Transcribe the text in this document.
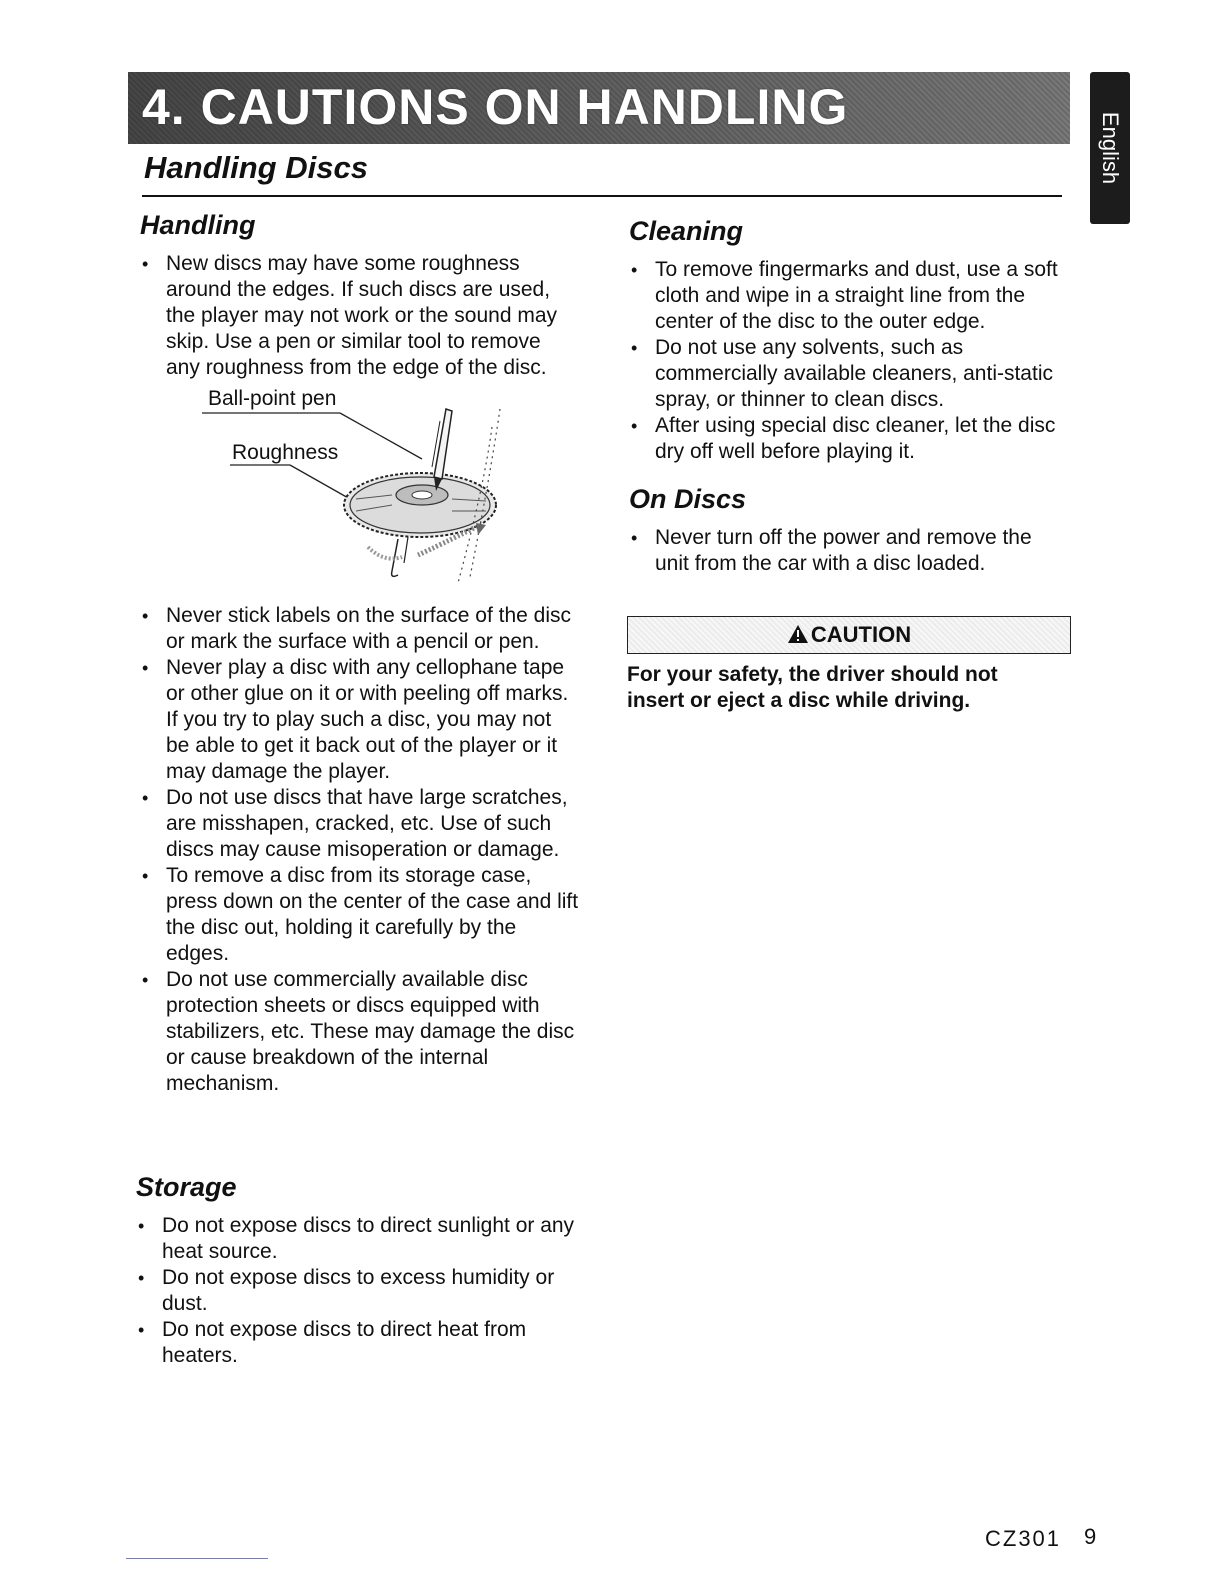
4. CAUTIONS ON HANDLING
English
Handling Discs
Handling
• New discs may have some roughness around the edges. If such discs are used, the player may not work or the sound may skip. Use a pen or similar tool to remove any roughness from the edge of the disc.
Ball-point pen
Roughness
• Never stick labels on the surface of the disc or mark the surface with a pencil or pen.
• Never play a disc with any cellophane tape or other glue on it or with peeling off marks. If you try to play such a disc, you may not be able to get it back out of the player or it may damage the player.
• Do not use discs that have large scratches, are misshapen, cracked, etc. Use of such discs may cause misoperation or damage.
• To remove a disc from its storage case, press down on the center of the case and lift the disc out, holding it carefully by the edges.
• Do not use commercially available disc protection sheets or discs equipped with stabilizers, etc. These may damage the disc or cause breakdown of the internal mechanism.
Storage
• Do not expose discs to direct sunlight or any heat source.
• Do not expose discs to excess humidity or dust.
• Do not expose discs to direct heat from heaters.
Cleaning
• To remove fingermarks and dust, use a soft cloth and wipe in a straight line from the center of the disc to the outer edge.
• Do not use any solvents, such as commercially available cleaners, anti-static spray, or thinner to clean discs.
• After using special disc cleaner, let the disc dry off well before playing it.
On Discs
• Never turn off the power and remove the unit from the car with a disc loaded.
CAUTION
For your safety, the driver should not insert or eject a disc while driving.
CZ301 9
